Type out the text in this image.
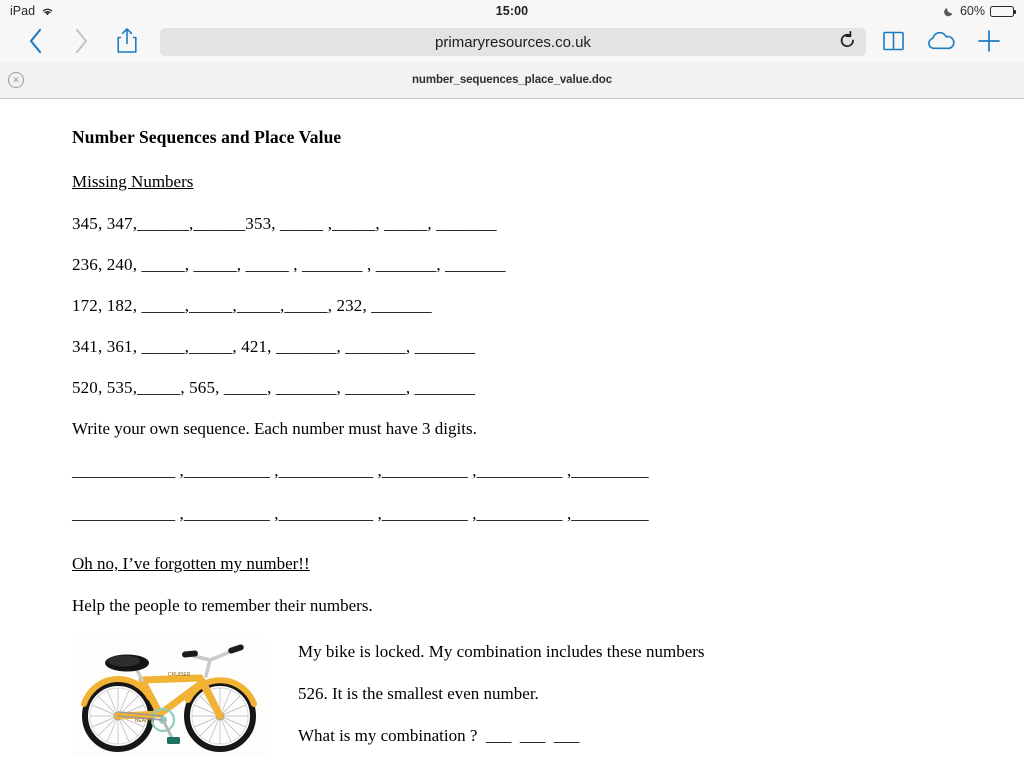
iPad	15:00	60%
primaryresources.co.uk
✕	number_sequences_place_value.doc
Number Sequences and Place Value
Missing Numbers
345, 347,______,______353, _____ ,_____, _____, _______
236, 240, _____, _____, _____ , _______ , _______, _______
172, 182, _____,_____,_____,_____, 232, _______
341, 361, _____,_____, 421, _______, _______, _______
520, 535,_____, 565, _____, _______, _______, _______
Write your own sequence. Each number must have 3 digits.
____________ ,__________ ,___________ ,__________ ,__________ ,_________
____________ ,__________ ,___________ ,__________ ,__________ ,_________
Oh no, I’ve forgotten my number!!
Help the people to remember their numbers.
CRUISER
BEACH

My bike is locked. My combination includes these numbers

526. It is the smallest even number.

What is my combination ?  ___  ___  ___
